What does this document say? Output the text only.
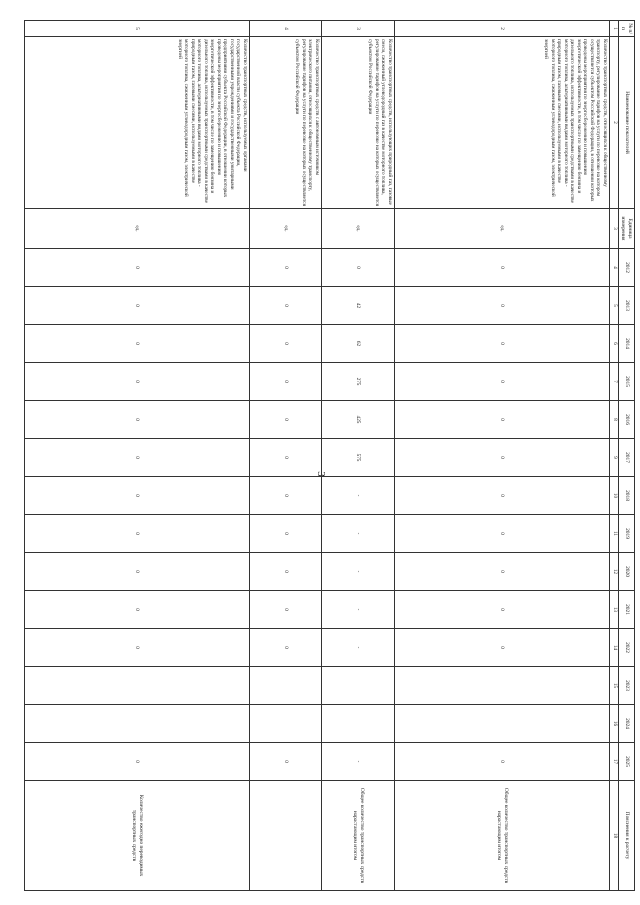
3
№ п/п	Наименование показателей	Единица измерения	2012	2013	2014	2015	2016	2017	2018	2019	2020	2021	2022	2023	2024	2025	Пояснения к расчету
1	2	3	4	5	6	7	8	9	10	11	12	13	14	15	16	17	18
2	Количество транспортных средств, относящихся к общественному транспорту, регулирование тарифов на услуги по перевозке на котором осуществляется субъектом Российской Федерации, в отношении которых проведены мероприятия по энергосбережению и повышению энергетической эффективности, в том числе по замещению бензина и дизельного топлива, используемых транспортными средствами в качестве моторного топлива, альтернативными видами моторного топлива - природным газом, газовыми смесями, используемыми в качестве моторного топлива, сжиженным углеводородным газом, электрической энергией	ед.	0	0	0	0	0	0	0	0	0	0	0			0	Общее количество транспортных средств нарастающим итогом
3	Количество транспортных средств, использующих природный газ, газовые смеси, сжиженный углеводородный газ в качестве моторного топлива, регулирование тарифов на услуги по перевозке на которых осуществляется субъектом Российской Федерации	ед.	0	42	62	275	425	575	-	-	-	-	-			-	Общее количество транспортных средств нарастающим итогом
4	Количество транспортных средств с автономным источником электрического питания, относящихся к общественному транспорту, регулирование тарифов на услуги по перевозке на которых осуществляется субъектом Российской Федерации	ед.	0	0	0	0	0	0	0	0	0	0	0			0	
5	Количество транспортных средств, используемых органами государственной власти субъекта Российской Федерации, государственными учреждениями и государственными унитарными предприятиями субъекта Российской Федерации, в отношении которых проведены мероприятия по энергосбережению и повышению энергетической эффективности, в том числе по замещению бензина и дизельного топлива, используемых транспортными средствами в качестве моторного топлива, альтернативными видами моторного топлива - природным газом, газовыми смесями, используемыми в качестве моторного топлива, сжиженным углеводородным газом, электрической энергией	ед.	0	0	0	0	0	0	0	0	0	0	0			0	Количество ежегодно переводимых транспортных средств
